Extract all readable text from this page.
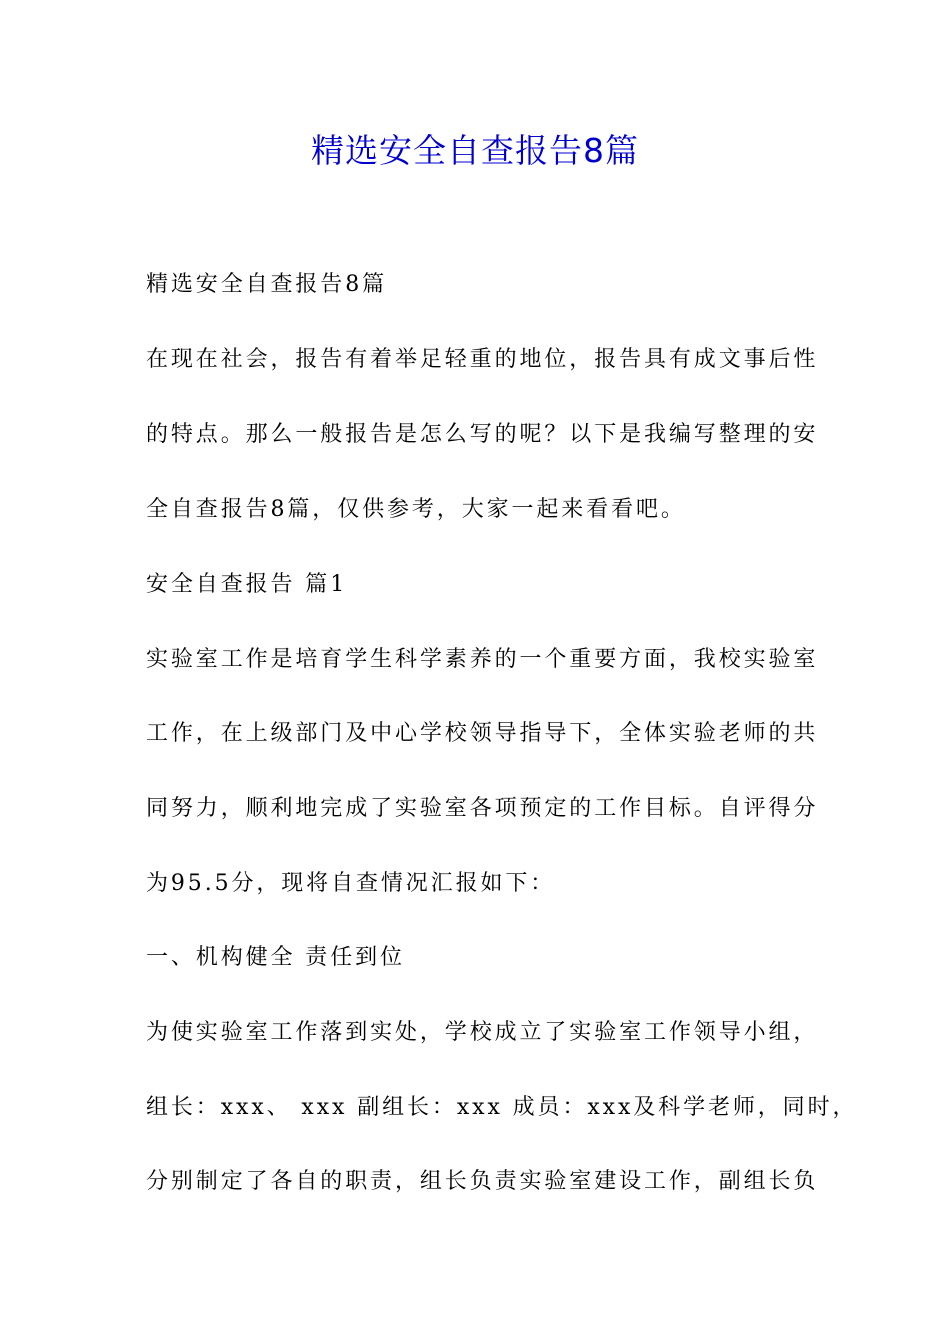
精选安全自查报告8篇
精选安全自查报告8篇
在现在社会，报告有着举足轻重的地位，报告具有成文事后性
的特点。那么一般报告是怎么写的呢？以下是我编写整理的安
全自查报告8篇，仅供参考，大家一起来看看吧。
安全自查报告 篇1
实验室工作是培育学生科学素养的一个重要方面，我校实验室
工作，在上级部门及中心学校领导指导下，全体实验老师的共
同努力，顺利地完成了实验室各项预定的工作目标。自评得分
为95.5分，现将自查情况汇报如下：
一、机构健全 责任到位
为使实验室工作落到实处，学校成立了实验室工作领导小组，
组长：xxx、 xxx 副组长：xxx 成员：xxx及科学老师，同时，
分别制定了各自的职责，组长负责实验室建设工作，副组长负
